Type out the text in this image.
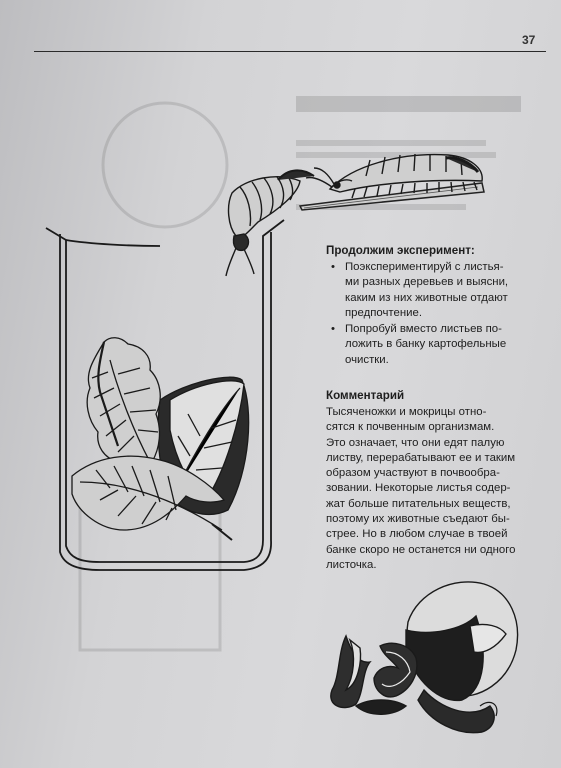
37
Продолжим эксперимент:
• Поэкспериментируй с листья-
ми разных деревьев и выясни,
каким из них животные отдают
предпочтение.
• Попробуй вместо листьев по-
ложить в банку картофельные
очистки.
Комментарий

Тысяченожки и мокрицы отно-
сятся к почвенным организмам.
Это означает, что они едят палую
листву, перерабатывают ее и таким
образом участвуют в почвообра-
зовании. Некоторые листья содер-
жат больше питательных веществ,
поэтому их животные съедают бы-
стрее. Но в любом случае в твоей
банке скоро не останется ни одного
листочка.
